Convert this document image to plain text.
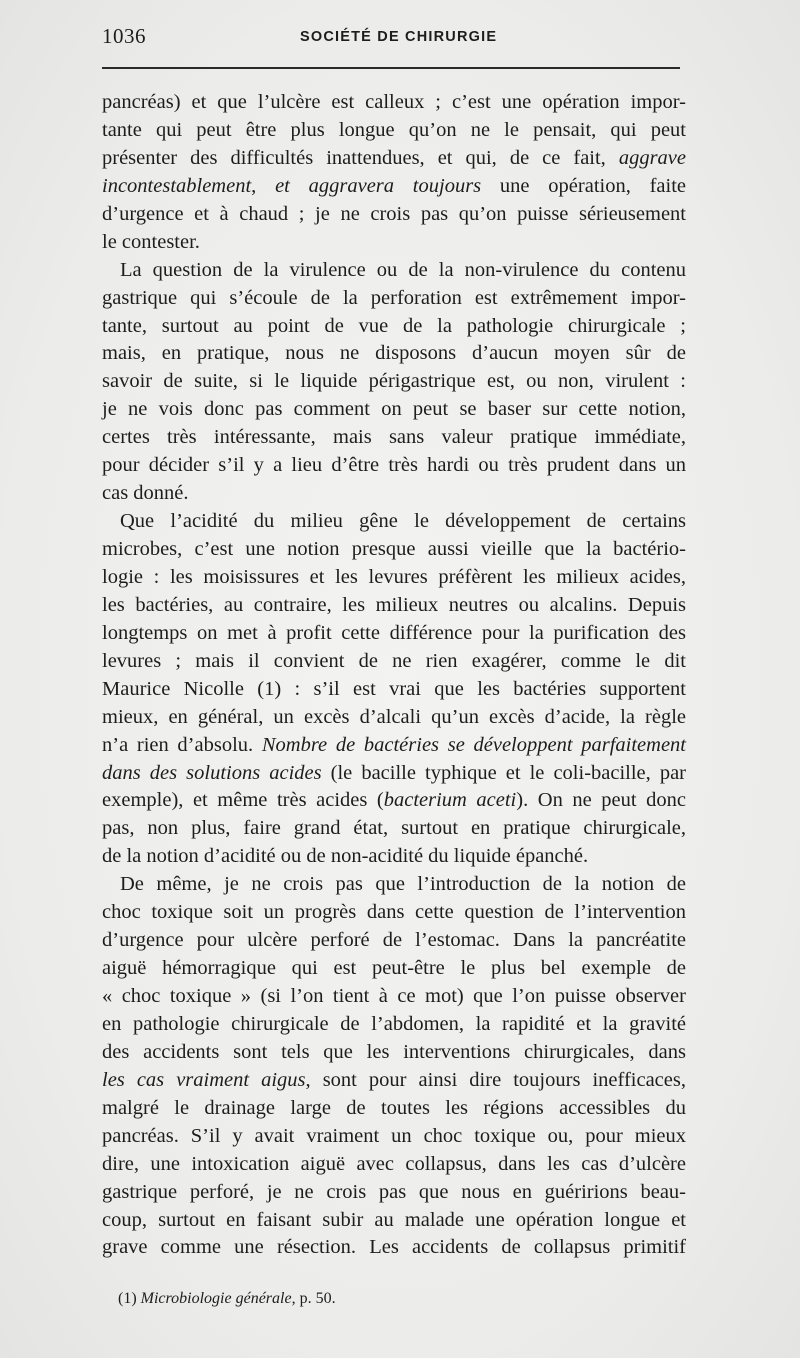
1036	SOCIÉTÉ DE CHIRURGIE
pancréas) et que l’ulcère est calleux ; c’est une opération impor-
tante qui peut être plus longue qu’on ne le pensait, qui peut
présenter des difficultés inattendues, et qui, de ce fait, aggrave
incontestablement, et aggravera toujours une opération, faite
d’urgence et à chaud ; je ne crois pas qu’on puisse sérieusement
le contester.
La question de la virulence ou de la non-virulence du contenu
gastrique qui s’écoule de la perforation est extrêmement impor-
tante, surtout au point de vue de la pathologie chirurgicale ;
mais, en pratique, nous ne disposons d’aucun moyen sûr de
savoir de suite, si le liquide périgastrique est, ou non, virulent :
je ne vois donc pas comment on peut se baser sur cette notion,
certes très intéressante, mais sans valeur pratique immédiate,
pour décider s’il y a lieu d’être très hardi ou très prudent dans un
cas donné.
Que l’acidité du milieu gêne le développement de certains
microbes, c’est une notion presque aussi vieille que la bactério-
logie : les moisissures et les levures préfèrent les milieux acides,
les bactéries, au contraire, les milieux neutres ou alcalins. Depuis
longtemps on met à profit cette différence pour la purification des
levures ; mais il convient de ne rien exagérer, comme le dit
Maurice Nicolle (1) : s’il est vrai que les bactéries supportent
mieux, en général, un excès d’alcali qu’un excès d’acide, la règle
n’a rien d’absolu. Nombre de bactéries se développent parfaitement
dans des solutions acides (le bacille typhique et le coli-bacille, par
exemple), et même très acides (bacterium aceti). On ne peut donc
pas, non plus, faire grand état, surtout en pratique chirurgicale,
de la notion d’acidité ou de non-acidité du liquide épanché.
De même, je ne crois pas que l’introduction de la notion de
choc toxique soit un progrès dans cette question de l’intervention
d’urgence pour ulcère perforé de l’estomac. Dans la pancréatite
aiguë hémorragique qui est peut-être le plus bel exemple de
« choc toxique » (si l’on tient à ce mot) que l’on puisse observer
en pathologie chirurgicale de l’abdomen, la rapidité et la gravité
des accidents sont tels que les interventions chirurgicales, dans
les cas vraiment aigus, sont pour ainsi dire toujours inefficaces,
malgré le drainage large de toutes les régions accessibles du
pancréas. S’il y avait vraiment un choc toxique ou, pour mieux
dire, une intoxication aiguë avec collapsus, dans les cas d’ulcère
gastrique perforé, je ne crois pas que nous en guéririons beau-
coup, surtout en faisant subir au malade une opération longue et
grave comme une résection. Les accidents de collapsus primitif
(1) Microbiologie générale, p. 50.
